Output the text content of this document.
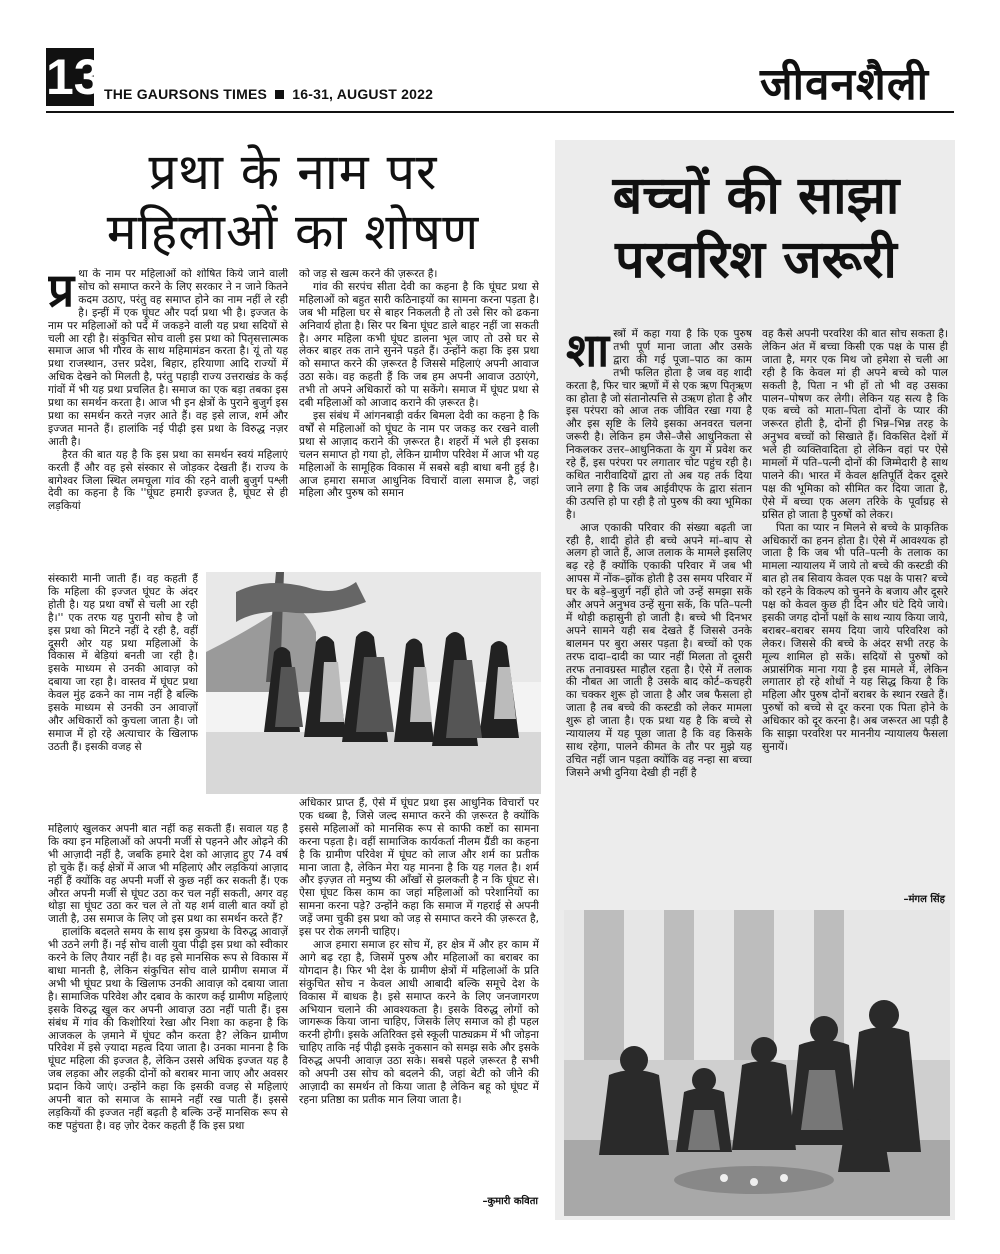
13 THE GAURSONS TIMES 16-31, AUGUST 2022	जीवनशैली
प्रथा के नाम पर
महिलाओं का शोषण

प्र था के नाम पर महिलाओं को शोषित किये जाने वाली सोच को समाप्त करने के लिए सरकार ने न जाने कितने कदम उठाए, परंतु वह समाप्त होने का नाम नहीं ले रही है। इन्हीं में एक घूंघट और पर्दा प्रथा भी है। इज्जत के नाम पर महिलाओं को पर्दे में जकड़ने वाली यह प्रथा सदियों से चली आ रही है। संकुचित सोच वाली इस प्रथा को पितृसत्तात्मक समाज आज भी गौरव के साथ महिमामंडन करता है। यूं तो यह प्रथा राजस्थान, उत्तर प्रदेश, बिहार, हरियाणा आदि राज्यों में अधिक देखने को मिलती है, परंतु पहाड़ी राज्य उत्तराखंड के कई गांवों में भी यह प्रथा प्रचलित है। समाज का एक बड़ा तबका इस प्रथा का समर्थन करता है। आज भी इन क्षेत्रों के पुराने बुजुर्ग इस प्रथा का समर्थन करते नज़र आते हैं। वह इसे लाज, शर्म और इज्जत मानते हैं। हालांकि नई पीढ़ी इस प्रथा के विरुद्ध नज़र आती है।

हैरत की बात यह है कि इस प्रथा का समर्थन स्वयं महिलाएं करती हैं और वह इसे संस्कार से जोड़कर देखती हैं। राज्य के बागेश्वर जिला स्थित लमचूला गांव की रहने वाली बुजुर्ग पश्ली देवी का कहना है कि ''घूंघट हमारी इज्जत है, घूंघट से ही लड़कियां

संस्कारी मानी जाती हैं। वह कहती हैं कि महिला की इज्जत घूंघट के अंदर होती है। यह प्रथा वर्षों से चली आ रही है।'' एक तरफ यह पुरानी सोच है जो इस प्रथा को मिटने नहीं दे रही है, वहीं दूसरी ओर यह प्रथा महिलाओं के विकास में बेड़ियां बनती जा रही है। इसके माध्यम से उनकी आवाज़ को दबाया जा रहा है। वास्तव में घूंघट प्रथा केवल मुंह ढकने का नाम नहीं है बल्कि इसके माध्यम से उनकी उन आवाज़ों और अधिकारों को कुचला जाता है। जो समाज में हो रहे अत्याचार के खिलाफ उठती हैं। इसकी वजह से

को जड़ से खत्म करने की ज़रूरत है।

गांव की सरपंच सीता देवी का कहना है कि घूंघट प्रथा से महिलाओं को बहुत सारी कठिनाइयों का सामना करना पड़ता है। जब भी महिला घर से बाहर निकलती है तो उसे सिर को ढकना अनिवार्य होता है। सिर पर बिना घूंघट डाले बाहर नहीं जा सकती है। अगर महिला कभी घूंघट डालना भूल जाए तो उसे घर से लेकर बाहर तक ताने सुनने पड़ते हैं। उन्होंने कहा कि इस प्रथा को समाप्त करने की ज़रूरत है जिससे महिलाएं अपनी आवाज उठा सके। वह कहती हैं कि जब हम अपनी आवाज उठाएंगे, तभी तो अपने अधिकारों को पा सकेंगे। समाज में घूंघट प्रथा से दबी महिलाओं को आजाद कराने की ज़रूरत है।

इस संबंध में आंगनबाड़ी वर्कर बिमला देवी का कहना है कि वर्षों से महिलाओं को घूंघट के नाम पर जकड़ कर रखने वाली प्रथा से आज़ाद कराने की ज़रूरत है। शहरों में भले ही इसका चलन समाप्त हो गया हो, लेकिन ग्रामीण परिवेश में आज भी यह महिलाओं के सामूहिक विकास में सबसे बड़ी बाधा बनी हुई है। आज हमारा समाज आधुनिक विचारों वाला समाज है, जहां महिला और पुरुष को समान

महिलाएं खुलकर अपनी बात नहीं कह सकती हैं। सवाल यह है कि क्या इन महिलाओं को अपनी मर्जी से पहनने और ओढ़ने की भी आज़ादी नहीं है, जबकि हमारे देश को आज़ाद हुए 74 वर्ष हो चुके हैं। कई क्षेत्रों में आज भी महिलाएं और लड़कियां आज़ाद नहीं हैं क्योंकि वह अपनी मर्जी से कुछ नहीं कर सकती हैं। एक औरत अपनी मर्जी से घूंघट उठा कर चल नहीं सकती, अगर वह थोड़ा सा घूंघट उठा कर चल ले तो यह शर्म वाली बात क्यों हो जाती है, उस समाज के लिए जो इस प्रथा का समर्थन करते हैं?

हालांकि बदलते समय के साथ इस कुप्रथा के विरुद्ध आवाज़ें भी उठने लगी हैं। नई सोच वाली युवा पीढ़ी इस प्रथा को स्वीकार करने के लिए तैयार नहीं है। वह इसे मानसिक रूप से विकास में बाधा मानती है, लेकिन संकुचित सोच वाले ग्रामीण समाज में अभी भी घूंघट प्रथा के खिलाफ उनकी आवाज़ को दबाया जाता है। सामाजिक परिवेश और दबाव के कारण कई ग्रामीण महिलाएं इसके विरुद्ध खुल कर अपनी आवाज़ उठा नहीं पाती हैं। इस संबंध में गांव की किशोरियां रेखा और निशा का कहना है कि आजकल के ज़माने में घूंघट कौन करता है? लेकिन ग्रामीण परिवेश में इसे ज़्यादा महत्व दिया जाता है। उनका मानना है कि घूंघट महिला की इज्जत है, लेकिन उससे अधिक इज्जत यह है जब लड़का और लड़की दोनों को बराबर माना जाए और अवसर प्रदान किये जाएं। उन्होंने कहा कि इसकी वजह से महिलाएं अपनी बात को समाज के सामने नहीं रख पाती हैं। इससे लड़कियों की इज्जत नहीं बढ़ती है बल्कि उन्हें मानसिक रूप से कष्ट पहुंचता है। वह ज़ोर देकर कहती हैं कि इस प्रथा

अधिकार प्राप्त हैं, ऐसे में घूंघट प्रथा इस आधुनिक विचारों पर एक धब्बा है, जिसे जल्द समाप्त करने की ज़रूरत है क्योंकि इससे महिलाओं को मानसिक रूप से काफी कष्टों का सामना करना पड़ता है। वहीं सामाजिक कार्यकर्ता नीलम ग्रैंडी का कहना है कि ग्रामीण परिवेश में घूंघट को लाज और शर्म का प्रतीक माना जाता है, लेकिन मेरा यह मानना है कि यह गलत है। शर्म और इज़्ज़त तो मनुष्य की आँखों से झलकती है न कि घूंघट से। ऐसा घूंघट किस काम का जहां महिलाओं को परेशानियों का सामना करना पड़े? उन्होंने कहा कि समाज में गहराई से अपनी जड़ें जमा चुकी इस प्रथा को जड़ से समाप्त करने की ज़रूरत है, इस पर रोक लगनी चाहिए।

आज हमारा समाज हर सोच में, हर क्षेत्र में और हर काम में आगे बढ़ रहा है, जिसमें पुरुष और महिलाओं का बराबर का योगदान है। फिर भी देश के ग्रामीण क्षेत्रों में महिलाओं के प्रति संकुचित सोच न केवल आधी आबादी बल्कि समूचे देश के विकास में बाधक है। इसे समाप्त करने के लिए जनजागरण अभियान चलाने की आवश्यकता है। इसके विरुद्ध लोगों को जागरूक किया जाना चाहिए, जिसके लिए समाज को ही पहल करनी होगी। इसके अतिरिक्त इसे स्कूली पाठ्यक्रम में भी जोड़ना चाहिए ताकि नई पीढ़ी इसके नुकसान को समझ सके और इसके विरुद्ध अपनी आवाज़ उठा सके। सबसे पहले ज़रूरत है सभी को अपनी उस सोच को बदलने की, जहां बेटी को जीने की आज़ादी का समर्थन तो किया जाता है लेकिन बहू को घूंघट में रहना प्रतिष्ठा का प्रतीक मान लिया जाता है।

–कुमारी कविता
बच्चों की साझा
परवरिश जरूरी

शास्त्रों में कहा गया है कि एक पुरुष तभी पूर्ण माना जाता और उसके द्वारा की गई पूजा–पाठ का काम तभी फलित होता है जब वह शादी करता है, फिर चार ऋणों में से एक ऋण पितृऋण का होता है जो संतानोत्पत्ति से उऋण होता है और इस परंपरा को आज तक जीवित रखा गया है और इस सृष्टि के लिये इसका अनवरत चलना जरूरी है। लेकिन हम जैसे–जैसे आधुनिकता से निकलकर उत्तर–आधुनिकता के युग में प्रवेश कर रहे हैं, इस परंपरा पर लगातार चोट पहुंच रही है। कथित नारीवादियों द्वारा तो अब यह तर्क दिया जाने लगा है कि जब आईवीएफ के द्वारा संतान की उत्पत्ति हो पा रही है तो पुरुष की क्या भूमिका है।

आज एकाकी परिवार की संख्या बढ़ती जा रही है, शादी होते ही बच्चे अपने मां–बाप से अलग हो जाते हैं, आज तलाक के मामले इसलिए बढ़ रहे हैं क्योंकि एकाकी परिवार में जब भी आपस में नोंक–झोंक होती है उस समय परिवार में घर के बड़े–बुजुर्ग नहीं होते जो उन्हें समझा सकें और अपने अनुभव उन्हें सुना सकें, कि पति–पत्नी में थोड़ी कहासुनी हो जाती है। बच्चे भी दिनभर अपने सामने यही सब देखते हैं जिससे उनके बालमन पर बुरा असर पड़ता है। बच्चों को एक तरफ दादा–दादी का प्यार नहीं मिलता तो दूसरी तरफ तनावग्रस्त माहौल रहता है। ऐसे में तलाक की नौबत आ जाती है उसके बाद कोर्ट–कचहरी का चक्कर शुरू हो जाता है और जब फैसला हो जाता है तब बच्चे की कस्टडी को लेकर मामला शुरू हो जाता है। एक प्रथा यह है कि बच्चे से न्यायालय में यह पूछा जाता है कि वह किसके साथ रहेगा, पालने कीमत के तौर पर मुझे यह उचित नहीं जान पड़ता क्योंकि वह नन्हा सा बच्चा जिसने अभी दुनिया देखी ही नहीं है

वह कैसे अपनी परवरिश की बात सोच सकता है। लेकिन अंत में बच्चा किसी एक पक्ष के पास ही जाता है, मगर एक मिथ जो हमेशा से चली आ रही है कि केवल मां ही अपने बच्चे को पाल सकती है, पिता न भी हों तो भी वह उसका पालन–पोषण कर लेगी। लेकिन यह सत्य है कि एक बच्चे को माता–पिता दोनों के प्यार की जरूरत होती है, दोनों ही भिन्न–भिन्न तरह के अनुभव बच्चों को सिखाते हैं। विकसित देशों में भले ही व्यक्तिवादिता हो लेकिन वहां पर ऐसे मामलों में पति–पत्नी दोनों की जिम्मेदारी है साथ पालने की। भारत में केवल क्षतिपूर्ति देकर दूसरे पक्ष की भूमिका को सीमित कर दिया जाता है, ऐसे में बच्चा एक अलग तरिके के पूर्वाग्रह से ग्रसित हो जाता है पुरुषों को लेकर।

पिता का प्यार न मिलने से बच्चे के प्राकृतिक अधिकारों का हनन होता है। ऐसे में आवश्यक हो जाता है कि जब भी पति–पत्नी के तलाक का मामला न्यायालय में जाये तो बच्चे की कस्टडी की बात हो तब सिवाय केवल एक पक्ष के पास? बच्चे को रहने के विकल्प को चुनने के बजाय और दूसरे पक्ष को केवल कुछ ही दिन और घंटे दिये जाये। इसकी जगह दोनों पक्षों के साथ न्याय किया जाये, बराबर–बराबर समय दिया जाये परिवरिश को लेकर। जिससे की बच्चे के अंदर सभी तरह के मूल्य शामिल हो सकें। सदियों से पुरुषों को अप्रासंगिक माना गया है इस मामले में, लेकिन लगातार हो रहे शोधों ने यह सिद्ध किया है कि महिला और पुरुष दोनों बराबर के स्थान रखते हैं। पुरुषों को बच्चे से दूर करना एक पिता होने के अधिकार को दूर करना है। अब जरूरत आ पड़ी है कि साझा परवरिश पर माननीय न्यायालय फैसला सुनायें।

–मंगल सिंह
